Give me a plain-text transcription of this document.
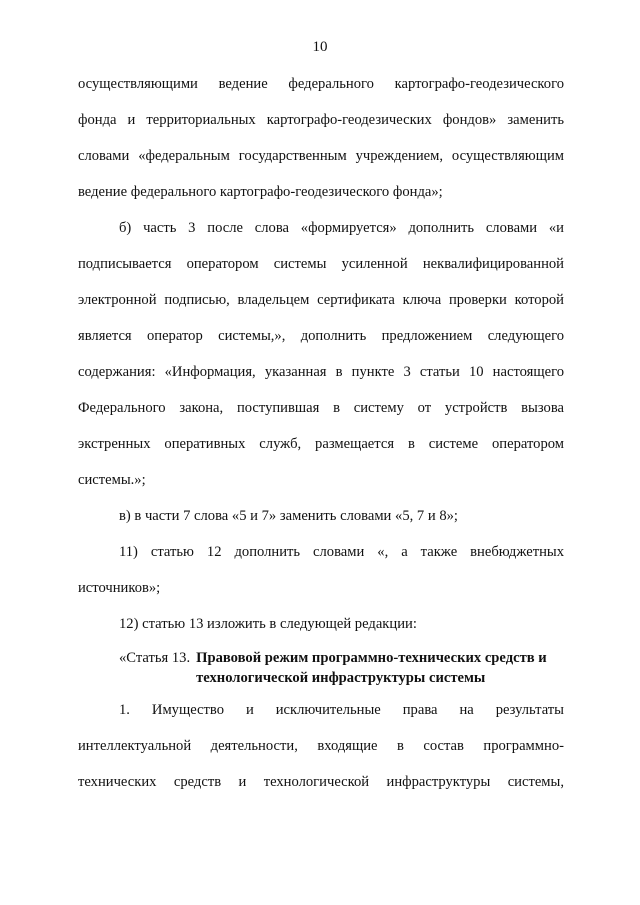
10
осуществляющими ведение федерального картографо-геодезического
фонда и территориальных картографо-геодезических фондов» заменить
словами «федеральным государственным учреждением, осуществляющим
ведение федерального картографо-геодезического фонда»;
б) часть 3 после слова «формируется» дополнить словами «и
подписывается оператором системы усиленной неквалифицированной
электронной подписью, владельцем сертификата ключа проверки которой
является оператор системы,», дополнить предложением следующего
содержания: «Информация, указанная в пункте 3 статьи 10 настоящего
Федерального закона, поступившая в систему от устройств вызова
экстренных оперативных служб, размещается в системе оператором
системы.»;
в) в части 7 слова «5 и 7» заменить словами «5, 7 и 8»;
11) статью 12 дополнить словами «, а также внебюджетных
источников»;
12) статью 13 изложить в следующей редакции:
«Статья 13. Правовой режим программно-технических средств и
технологической инфраструктуры системы
1. Имущество и исключительные права на результаты
интеллектуальной деятельности, входящие в состав программно-
технических средств и технологической инфраструктуры системы,
